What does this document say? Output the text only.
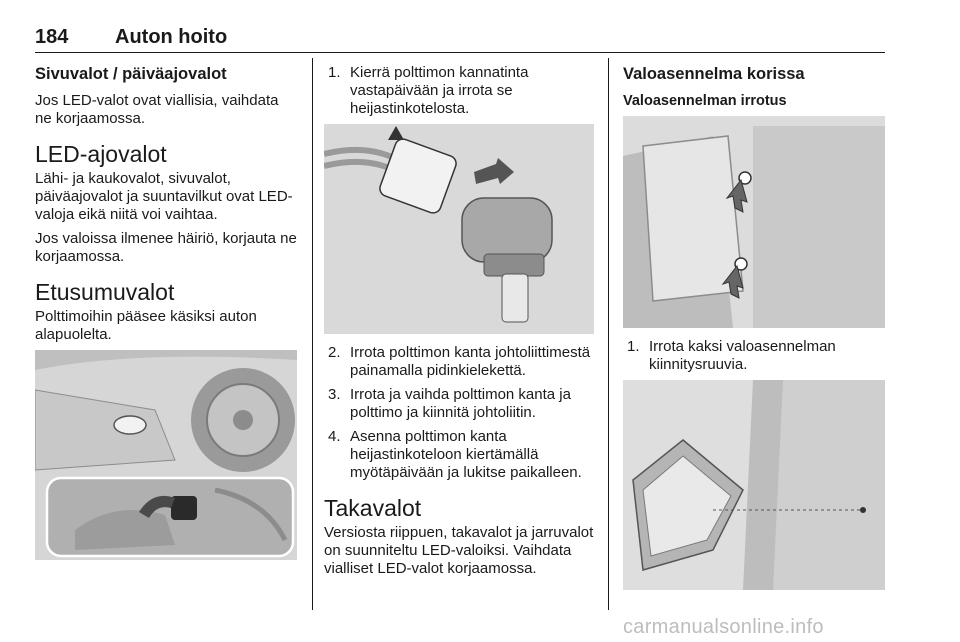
184 Auton hoito
Sivuvalot / päiväajovalot

Jos LED-valot ovat viallisia, vaihdata ne korjaamossa.

LED-ajovalot

Lähi- ja kaukovalot, sivuvalot, päiväajovalot ja suuntavilkut ovat LED-valoja eikä niitä voi vaihtaa.

Jos valoissa ilmenee häiriö, korjauta ne korjaamossa.

Etusumuvalot

Polttimoihin pääsee käsiksi auton alapuolelta.

1. Kierrä polttimon kannatinta vastapäivään ja irrota se heijastinkotelosta.
2. Irrota polttimon kanta johtoliittimestä painamalla pidinkielekettä.
3. Irrota ja vaihda polttimon kanta ja polttimo ja kiinnitä johtoliitin.
4. Asenna polttimon kanta heijastinkoteloon kiertämällä myötäpäivään ja lukitse paikalleen.
Takavalot

Versiosta riippuen, takavalot ja jarruvalot on suunniteltu LED-valoiksi. Vaihdata vialliset LED-valot korjaamossa.

Valoasennelma korissa
Valoasennelman irrotus
1. Irrota kaksi valoasennelman kiinnitysruuvia.
carmanualsonline.info
